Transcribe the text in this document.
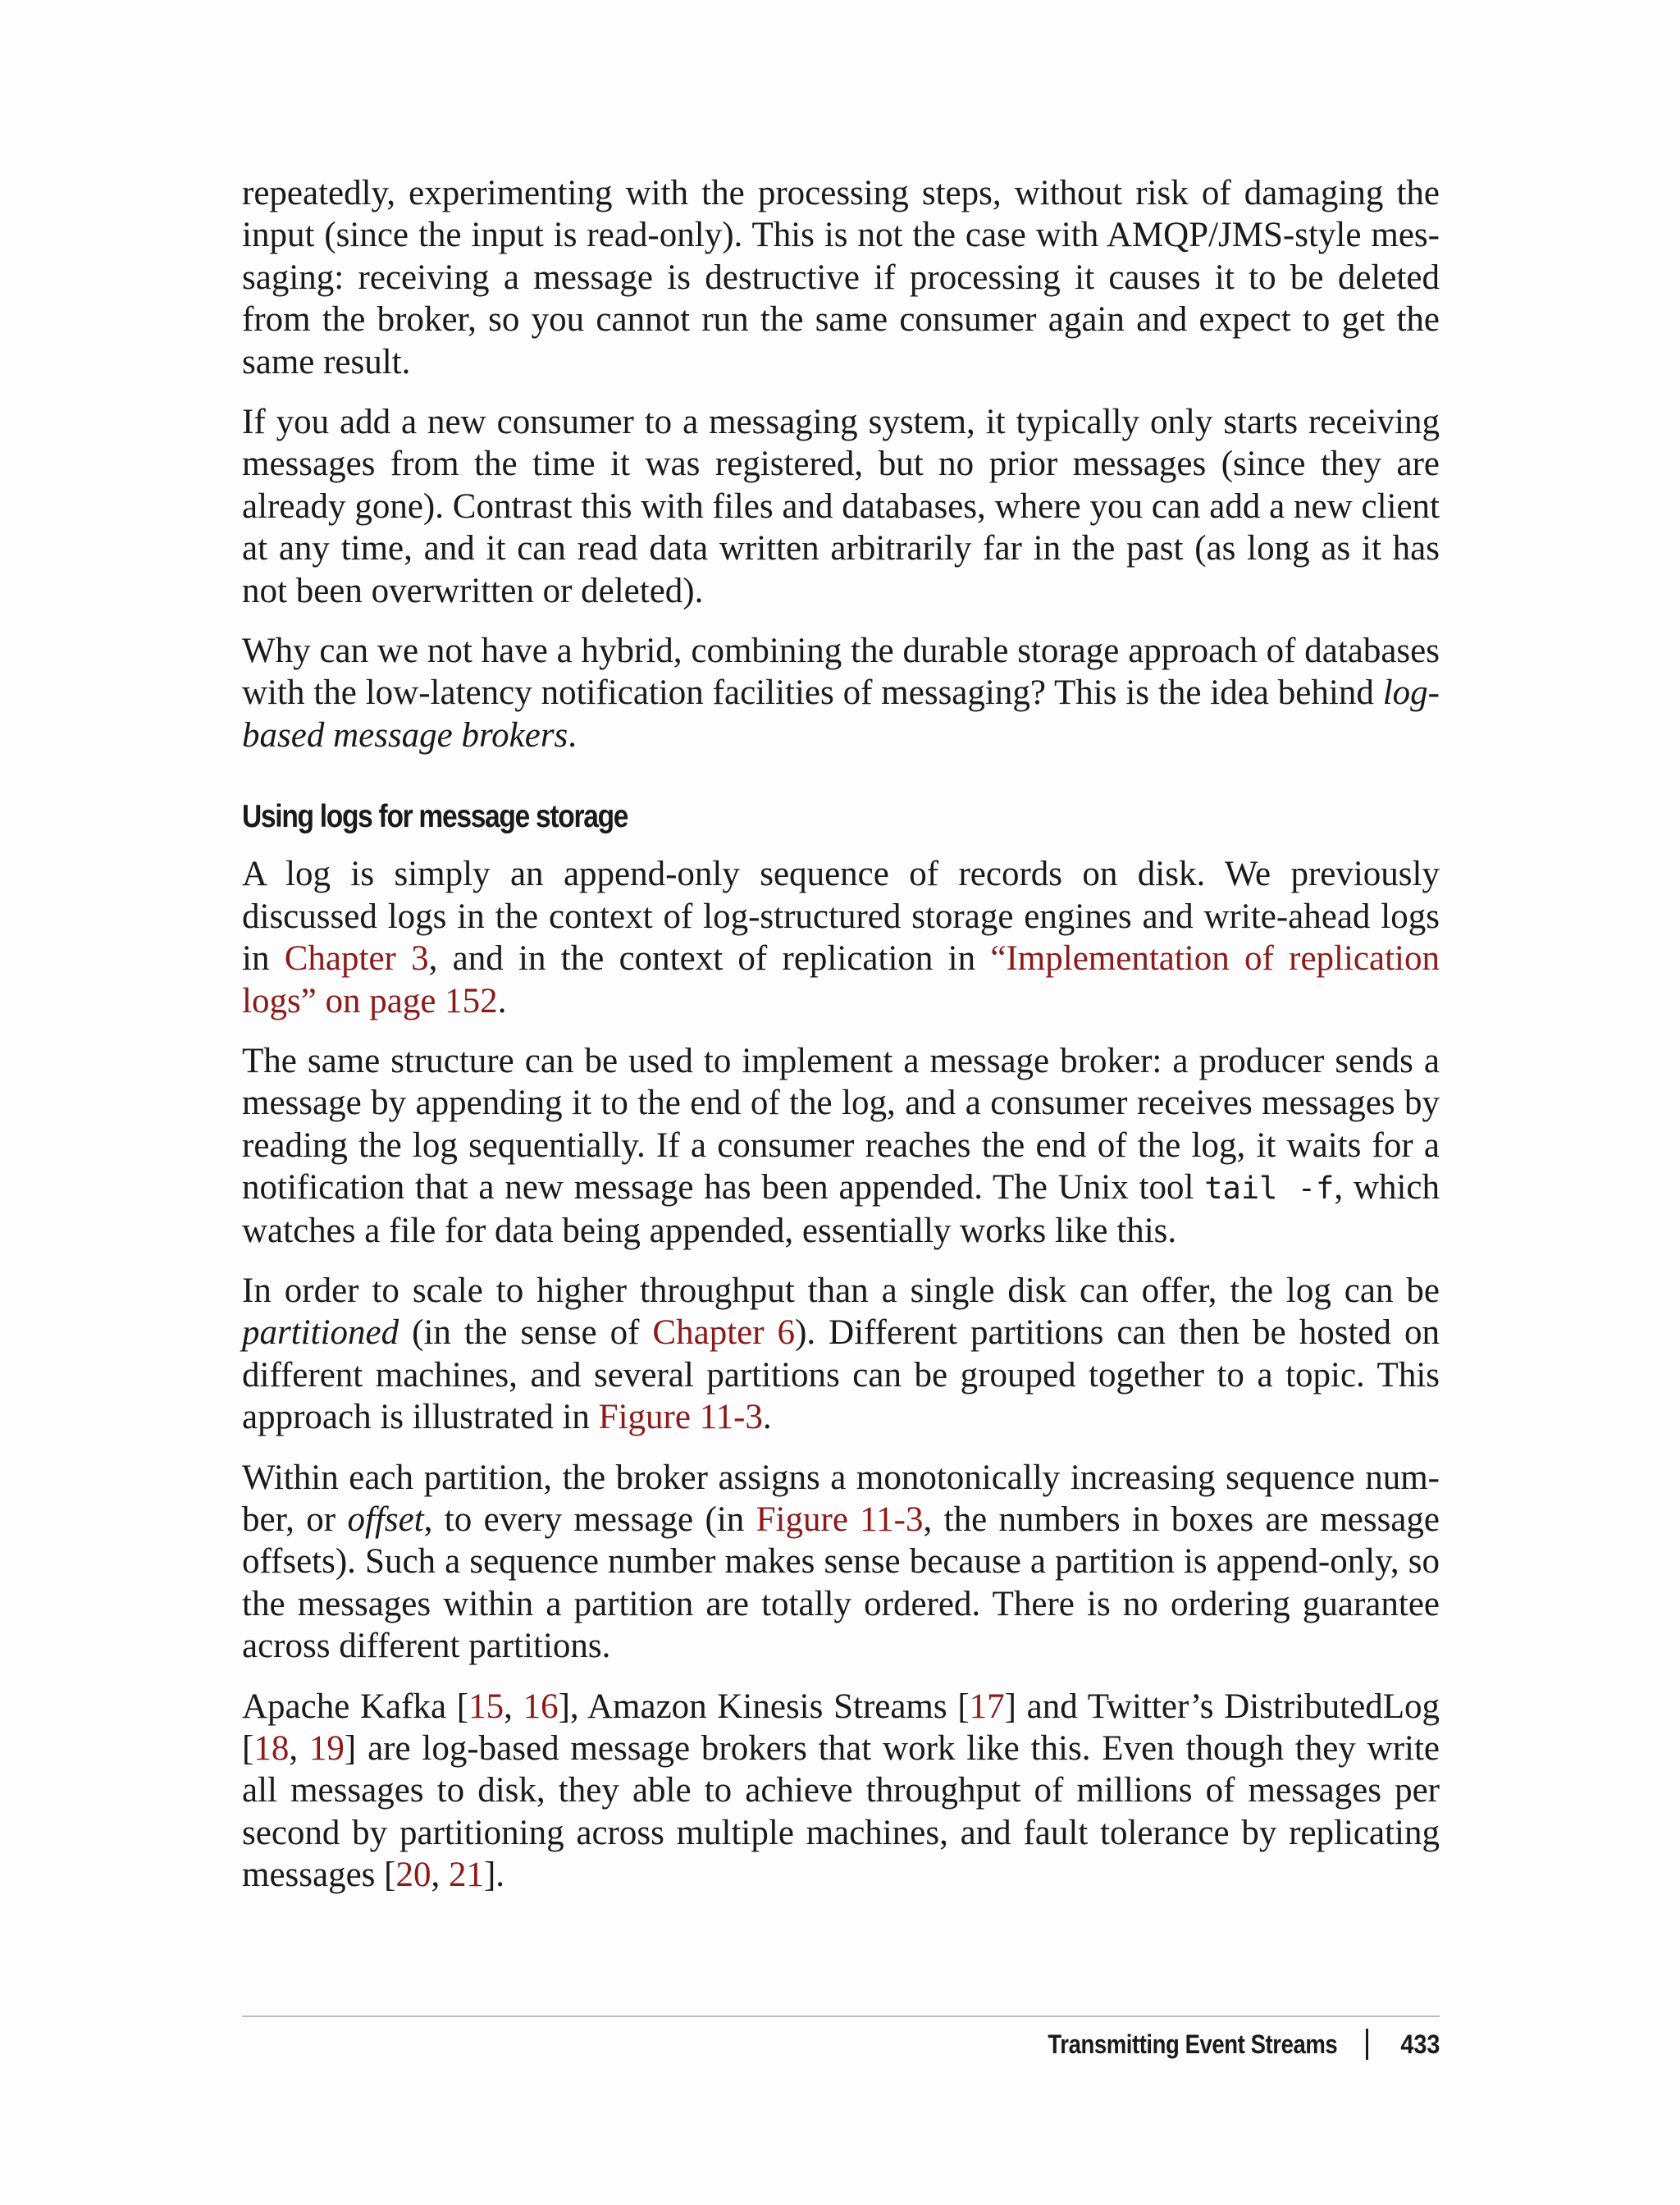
repeatedly, experimenting with the processing steps, without risk of damaging the input (since the input is read-only). This is not the case with AMQP/JMS-style messaging: receiving a message is destructive if processing it causes it to be deleted from the broker, so you cannot run the same consumer again and expect to get the same result.

If you add a new consumer to a messaging system, it typically only starts receiving messages from the time it was registered, but no prior messages (since they are already gone). Contrast this with files and databases, where you can add a new client at any time, and it can read data written arbitrarily far in the past (as long as it has not been overwritten or deleted).

Why can we not have a hybrid, combining the durable storage approach of databases with the low-latency notification facilities of messaging? This is the idea behind log-based message brokers.

Using logs for message storage

A log is simply an append-only sequence of records on disk. We previously discussed logs in the context of log-structured storage engines and write-ahead logs in Chapter 3, and in the context of replication in “Implementation of replication logs” on page 152.

The same structure can be used to implement a message broker: a producer sends a message by appending it to the end of the log, and a consumer receives messages by reading the log sequentially. If a consumer reaches the end of the log, it waits for a notification that a new message has been appended. The Unix tool tail -f, which watches a file for data being appended, essentially works like this.

In order to scale to higher throughput than a single disk can offer, the log can be partitioned (in the sense of Chapter 6). Different partitions can then be hosted on different machines, and several partitions can be grouped together to a topic. This approach is illustrated in Figure 11-3.

Within each partition, the broker assigns a monotonically increasing sequence number, or offset, to every message (in Figure 11-3, the numbers in boxes are message offsets). Such a sequence number makes sense because a partition is append-only, so the messages within a partition are totally ordered. There is no ordering guarantee across different partitions.

Apache Kafka [15, 16], Amazon Kinesis Streams [17] and Twitter’s DistributedLog [18, 19] are log-based message brokers that work like this. Even though they write all messages to disk, they able to achieve throughput of millions of messages per second by partitioning across multiple machines, and fault tolerance by replicating messages [20, 21].

Transmitting Event Streams 433
